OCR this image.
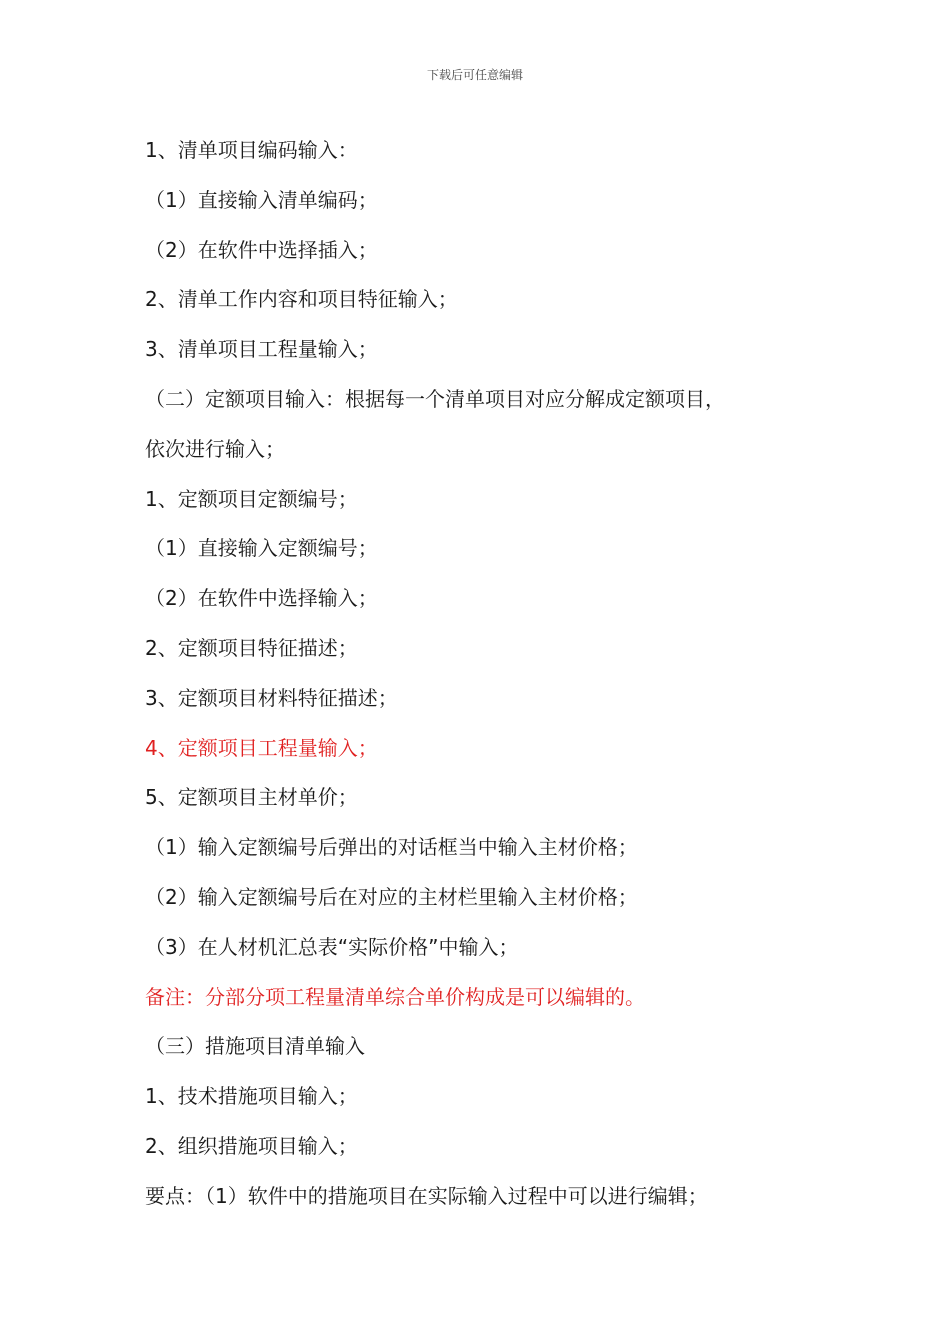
下载后可任意编辑
1、清单项目编码输入：
（1）直接输入清单编码；
（2）在软件中选择插入；
2、清单工作内容和项目特征输入；
3、清单项目工程量输入；
（二）定额项目输入：根据每一个清单项目对应分解成定额项目，
依次进行输入；
1、定额项目定额编号；
（1）直接输入定额编号；
（2）在软件中选择输入；
2、定额项目特征描述；
3、定额项目材料特征描述；
4、定额项目工程量输入；
5、定额项目主材单价；
（1）输入定额编号后弹出的对话框当中输入主材价格；
（2）输入定额编号后在对应的主材栏里输入主材价格；
（3）在人材机汇总表“实际价格”中输入；
备注：分部分项工程量清单综合单价构成是可以编辑的。
（三）措施项目清单输入
1、技术措施项目输入；
2、组织措施项目输入；
要点：（1）软件中的措施项目在实际输入过程中可以进行编辑；
